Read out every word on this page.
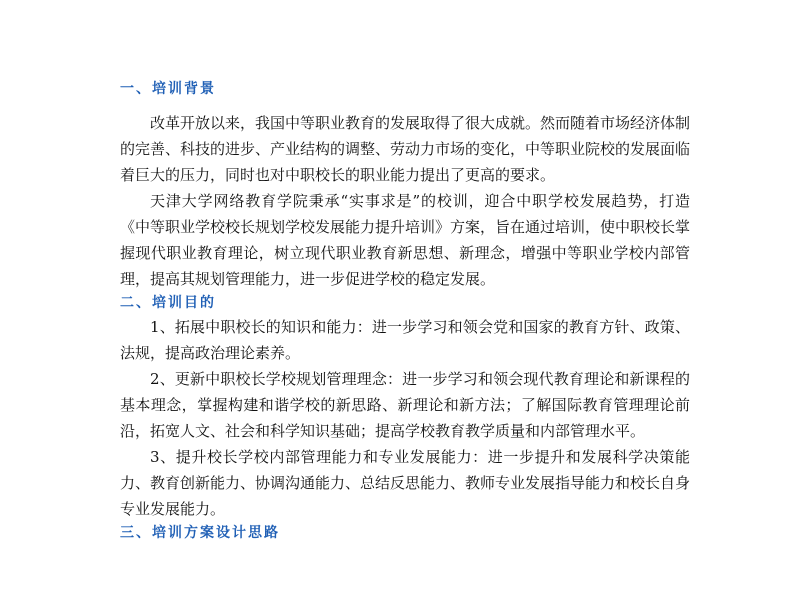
一、培训背景

改革开放以来，我国中等职业教育的发展取得了很大成就。然而随着市场经济体制的完善、科技的进步、产业结构的调整、劳动力市场的变化，中等职业院校的发展面临着巨大的压力，同时也对中职校长的职业能力提出了更高的要求。

天津大学网络教育学院秉承“实事求是”的校训，迎合中职学校发展趋势，打造《中等职业学校校长规划学校发展能力提升培训》方案，旨在通过培训，使中职校长掌握现代职业教育理论，树立现代职业教育新思想、新理念，增强中等职业学校内部管理，提高其规划管理能力，进一步促进学校的稳定发展。

二、培训目的

1、拓展中职校长的知识和能力：进一步学习和领会党和国家的教育方针、政策、法规，提高政治理论素养。

2、更新中职校长学校规划管理理念：进一步学习和领会现代教育理论和新课程的基本理念，掌握构建和谐学校的新思路、新理论和新方法；了解国际教育管理理论前沿，拓宽人文、社会和科学知识基础；提高学校教育教学质量和内部管理水平。

3、提升校长学校内部管理能力和专业发展能力：进一步提升和发展科学决策能力、教育创新能力、协调沟通能力、总结反思能力、教师专业发展指导能力和校长自身专业发展能力。

三、培训方案设计思路
